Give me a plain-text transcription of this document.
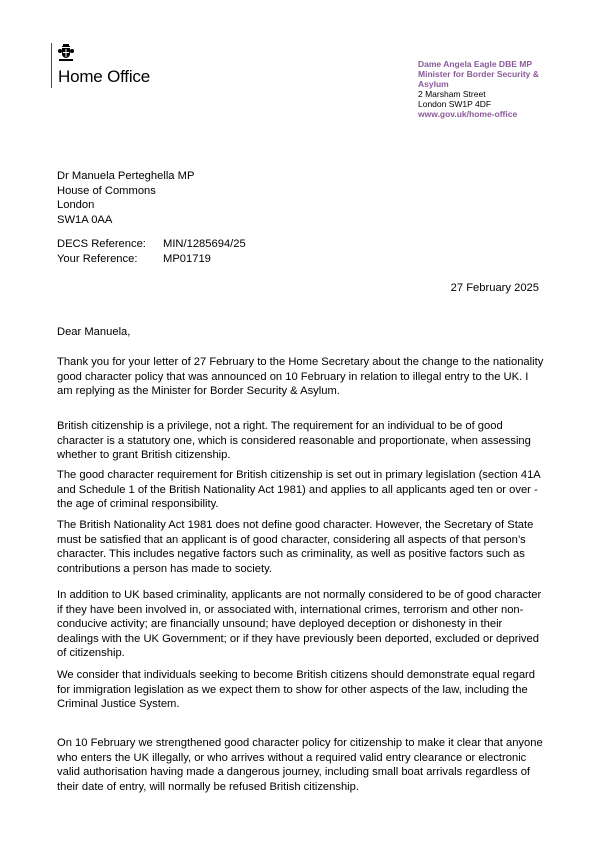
Home Office
Dame Angela Eagle DBE MP
Minister for Border Security &
Asylum
2 Marsham Street
London SW1P 4DF
www.gov.uk/home-office
Dr Manuela Perteghella MP
House of Commons
London
SW1A 0AA
DECS Reference:	MIN/1285694/25
Your Reference:	MP01719
27 February 2025
Dear Manuela,

Thank you for your letter of 27 February to the Home Secretary about the change to the nationality good character policy that was announced on 10 February in relation to illegal entry to the UK. I am replying as the Minister for Border Security & Asylum.

British citizenship is a privilege, not a right. The requirement for an individual to be of good character is a statutory one, which is considered reasonable and proportionate, when assessing whether to grant British citizenship.

The good character requirement for British citizenship is set out in primary legislation (section 41A and Schedule 1 of the British Nationality Act 1981) and applies to all applicants aged ten or over - the age of criminal responsibility.

The British Nationality Act 1981 does not define good character. However, the Secretary of State must be satisfied that an applicant is of good character, considering all aspects of that person’s character. This includes negative factors such as criminality, as well as positive factors such as contributions a person has made to society.

In addition to UK based criminality, applicants are not normally considered to be of good character if they have been involved in, or associated with, international crimes, terrorism and other non-conducive activity; are financially unsound; have deployed deception or dishonesty in their dealings with the UK Government; or if they have previously been deported, excluded or deprived of citizenship.

We consider that individuals seeking to become British citizens should demonstrate equal regard for immigration legislation as we expect them to show for other aspects of the law, including the Criminal Justice System.

On 10 February we strengthened good character policy for citizenship to make it clear that anyone who enters the UK illegally, or who arrives without a required valid entry clearance or electronic valid authorisation having made a dangerous journey, including small boat arrivals regardless of their date of entry, will normally be refused British citizenship.
